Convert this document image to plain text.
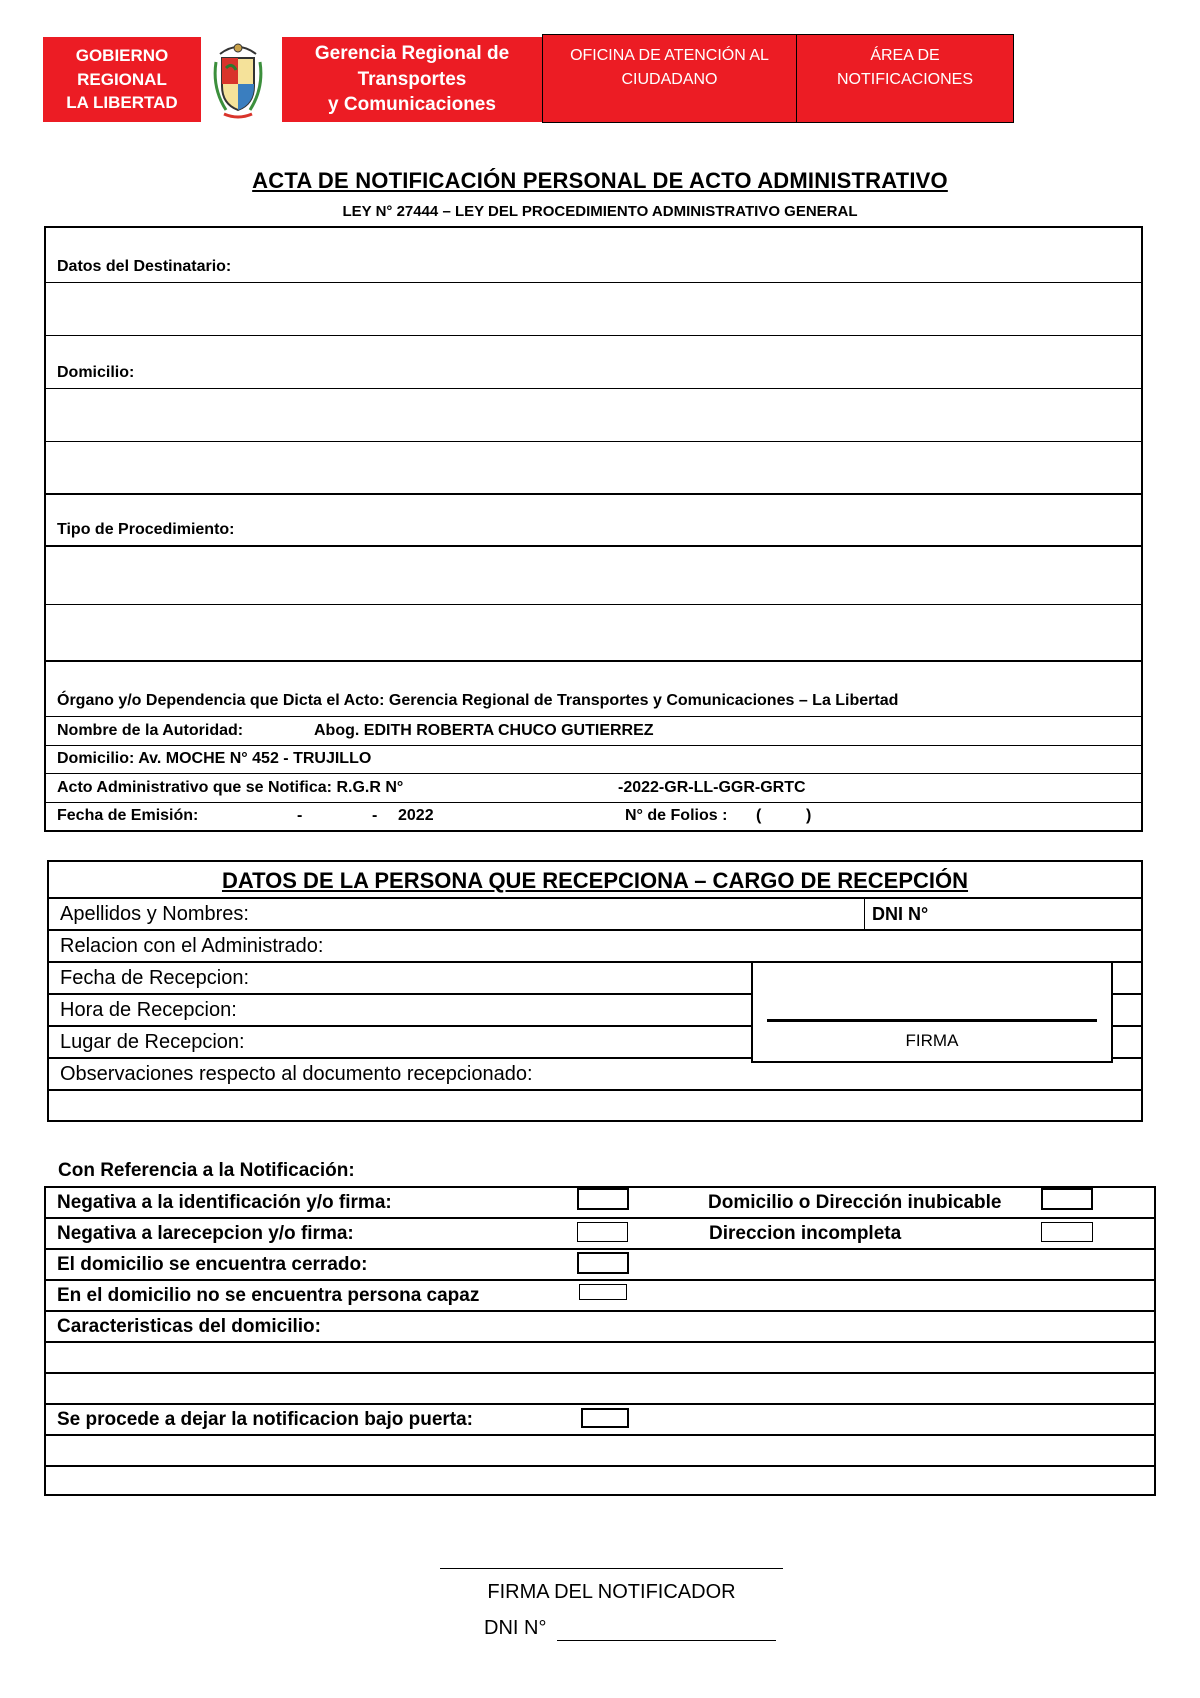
GOBIERNO REGIONAL
LA LIBERTAD
Gerencia Regional de Transportes
y Comunicaciones
OFICINA DE ATENCIÓN AL
CIUDADANO
ÁREA DE
NOTIFICACIONES
ACTA DE NOTIFICACIÓN PERSONAL DE ACTO ADMINISTRATIVO
LEY N° 27444 – LEY DEL PROCEDIMIENTO ADMINISTRATIVO GENERAL
Datos del Destinatario:
Domicilio:
Tipo de Procedimiento:
Órgano y/o Dependencia que Dicta el Acto: Gerencia Regional de Transportes y Comunicaciones – La Libertad
Nombre de la Autoridad:	Abog. EDITH ROBERTA CHUCO GUTIERREZ
Domicilio: Av. MOCHE N° 452 - TRUJILLO
Acto Administrativo que se Notifica: R.G.R N°	-2022-GR-LL-GGR-GRTC
Fecha de Emisión:	-	- 2022	N° de Folios : (	)
DATOS DE LA PERSONA QUE RECEPCIONA – CARGO DE RECEPCIÓN
Apellidos y Nombres:	DNI N°
Relacion con el Administrado:
Fecha de Recepcion:
Hora de Recepcion:
Lugar de Recepcion:
Observaciones respecto al documento recepcionado:
FIRMA
Con Referencia a la Notificación:
Negativa a la identificación y/o firma:	Domicilio o Dirección inubicable
Negativa a larecepcion y/o firma:	Direccion incompleta
El domicilio se encuentra cerrado:
En el domicilio no se encuentra persona capaz
Caracteristicas del domicilio:
Se procede a dejar la notificacion bajo puerta:
FIRMA DEL NOTIFICADOR
DNI N°
